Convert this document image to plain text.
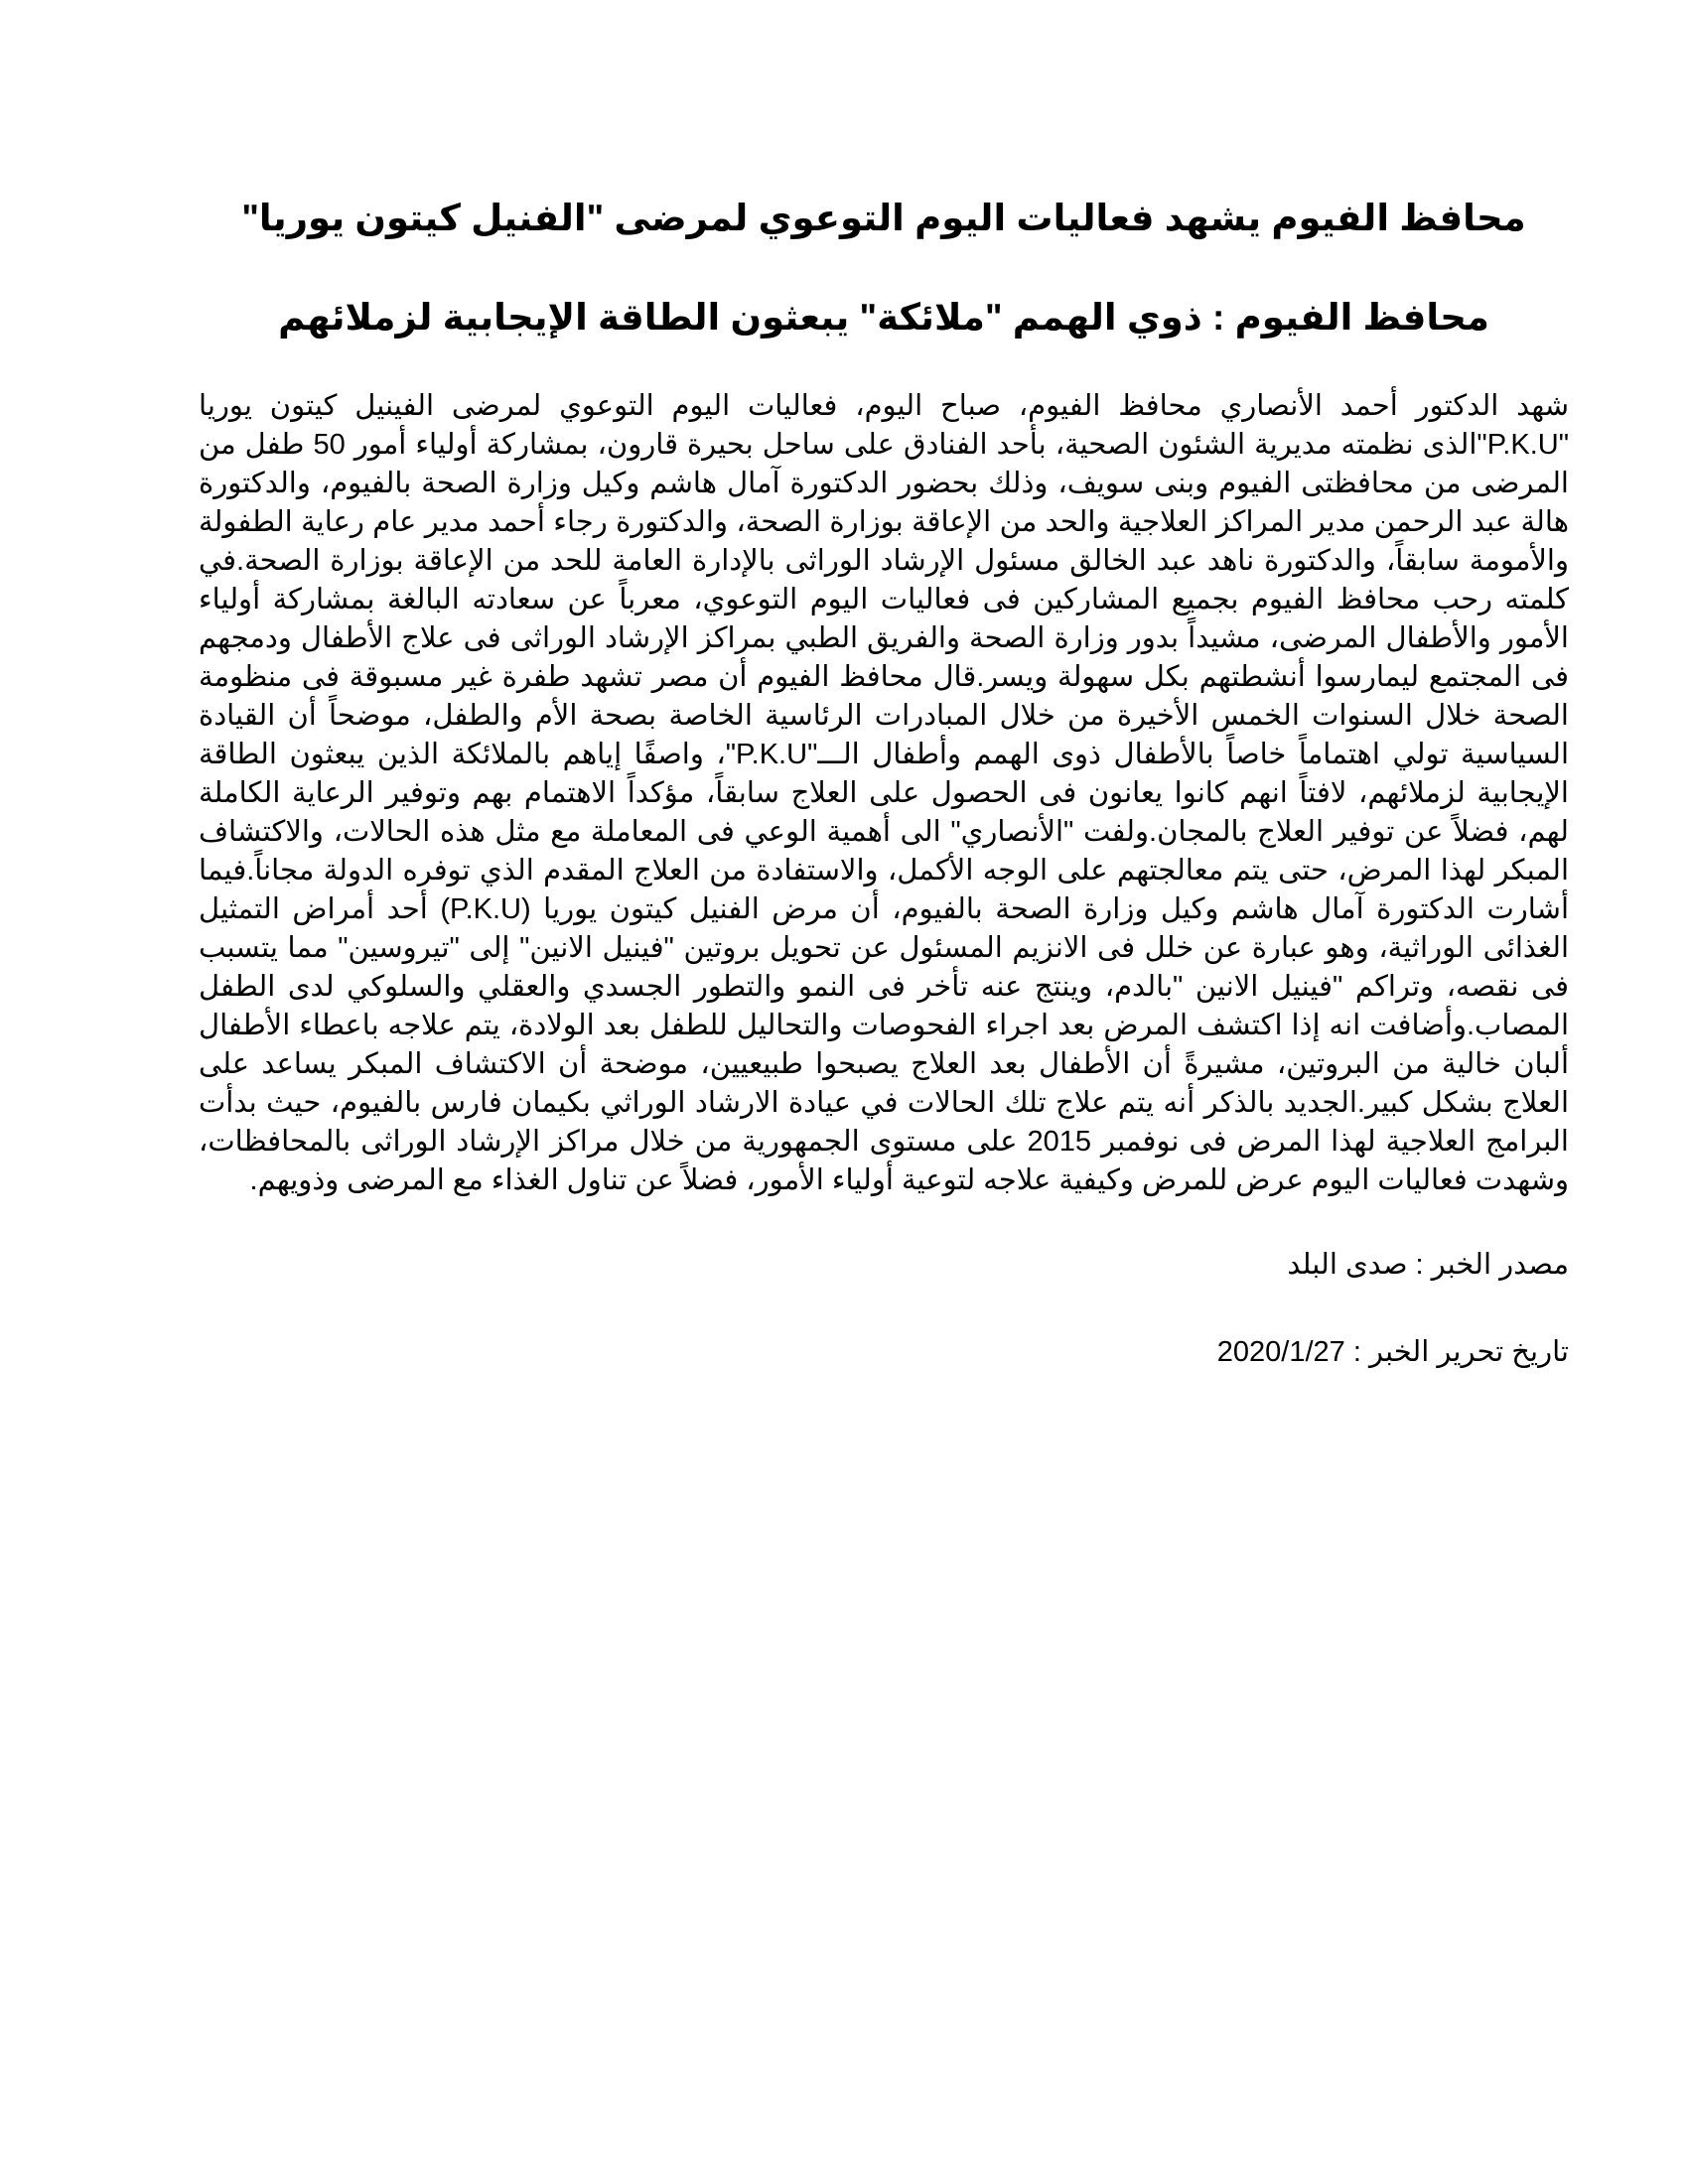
محافظ الفيوم يشهد فعاليات اليوم التوعوي لمرضى "الفنيل كيتون يوريا"
محافظ الفيوم : ذوي الهمم "ملائكة" يبعثون الطاقة الإيجابية لزملائهم

شهد الدكتور أحمد الأنصاري محافظ الفيوم، صباح اليوم، فعاليات اليوم التوعوي لمرضى الفينيل كيتون يوريا "P.K.U"الذى نظمته مديرية الشئون الصحية، بأحد الفنادق على ساحل بحيرة قارون، بمشاركة أولياء أمور 50 طفل من المرضى من محافظتى الفيوم وبنى سويف، وذلك بحضور الدكتورة آمال هاشم وكيل وزارة الصحة بالفيوم، والدكتورة هالة عبد الرحمن مدير المراكز العلاجية والحد من الإعاقة بوزارة الصحة، والدكتورة رجاء أحمد مدير عام رعاية الطفولة والأمومة سابقاً، والدكتورة ناهد عبد الخالق مسئول الإرشاد الوراثى بالإدارة العامة للحد من الإعاقة بوزارة الصحة.في كلمته رحب محافظ الفيوم بجميع المشاركين فى فعاليات اليوم التوعوي، معرباً عن سعادته البالغة بمشاركة أولياء الأمور والأطفال المرضى، مشيداً بدور وزارة الصحة والفريق الطبي بمراكز الإرشاد الوراثى فى علاج الأطفال ودمجهم فى المجتمع ليمارسوا أنشطتهم بكل سهولة ويسر.قال محافظ الفيوم أن مصر تشهد طفرة غير مسبوقة فى منظومة الصحة خلال السنوات الخمس الأخيرة من خلال المبادرات الرئاسية الخاصة بصحة الأم والطفل، موضحاً أن القيادة السياسية تولي اهتماماً خاصاً بالأطفال ذوى الهمم وأطفال الـــ"P.K.U"، واصفًا إياهم بالملائكة الذين يبعثون الطاقة الإيجابية لزملائهم، لافتاً انهم كانوا يعانون فى الحصول على العلاج سابقاً، مؤكداً الاهتمام بهم وتوفير الرعاية الكاملة لهم، فضلاً عن توفير العلاج بالمجان.ولفت "الأنصاري" الى أهمية الوعي فى المعاملة مع مثل هذه الحالات، والاكتشاف المبكر لهذا المرض، حتى يتم معالجتهم على الوجه الأكمل، والاستفادة من العلاج المقدم الذي توفره الدولة مجاناً.فيما أشارت الدكتورة آمال هاشم وكيل وزارة الصحة بالفيوم، أن مرض الفنيل كيتون يوريا (P.K.U) أحد أمراض التمثيل الغذائى الوراثية، وهو عبارة عن خلل فى الانزيم المسئول عن تحويل بروتين "فينيل الانين" إلى "تيروسين" مما يتسبب فى نقصه، وتراكم "فينيل الانين "بالدم، وينتج عنه تأخر فى النمو والتطور الجسدي والعقلي والسلوكي لدى الطفل المصاب.وأضافت انه إذا اكتشف المرض بعد اجراء الفحوصات والتحاليل للطفل بعد الولادة، يتم علاجه باعطاء الأطفال ألبان خالية من البروتين، مشيرةً أن الأطفال بعد العلاج يصبحوا طبيعيين، موضحة أن الاكتشاف المبكر يساعد على العلاج بشكل كبير.الجديد بالذكر أنه يتم علاج تلك الحالات في عيادة الارشاد الوراثي بكيمان فارس بالفيوم، حيث بدأت البرامج العلاجية لهذا المرض فى نوفمبر 2015 على مستوى الجمهورية من خلال مراكز الإرشاد الوراثى بالمحافظات، وشهدت فعاليات اليوم عرض للمرض وكيفية علاجه لتوعية أولياء الأمور، فضلاً عن تناول الغذاء مع المرضى وذويهم.

مصدر الخبر : صدى البلد

تاريخ تحرير الخبر : 2020/1/27
